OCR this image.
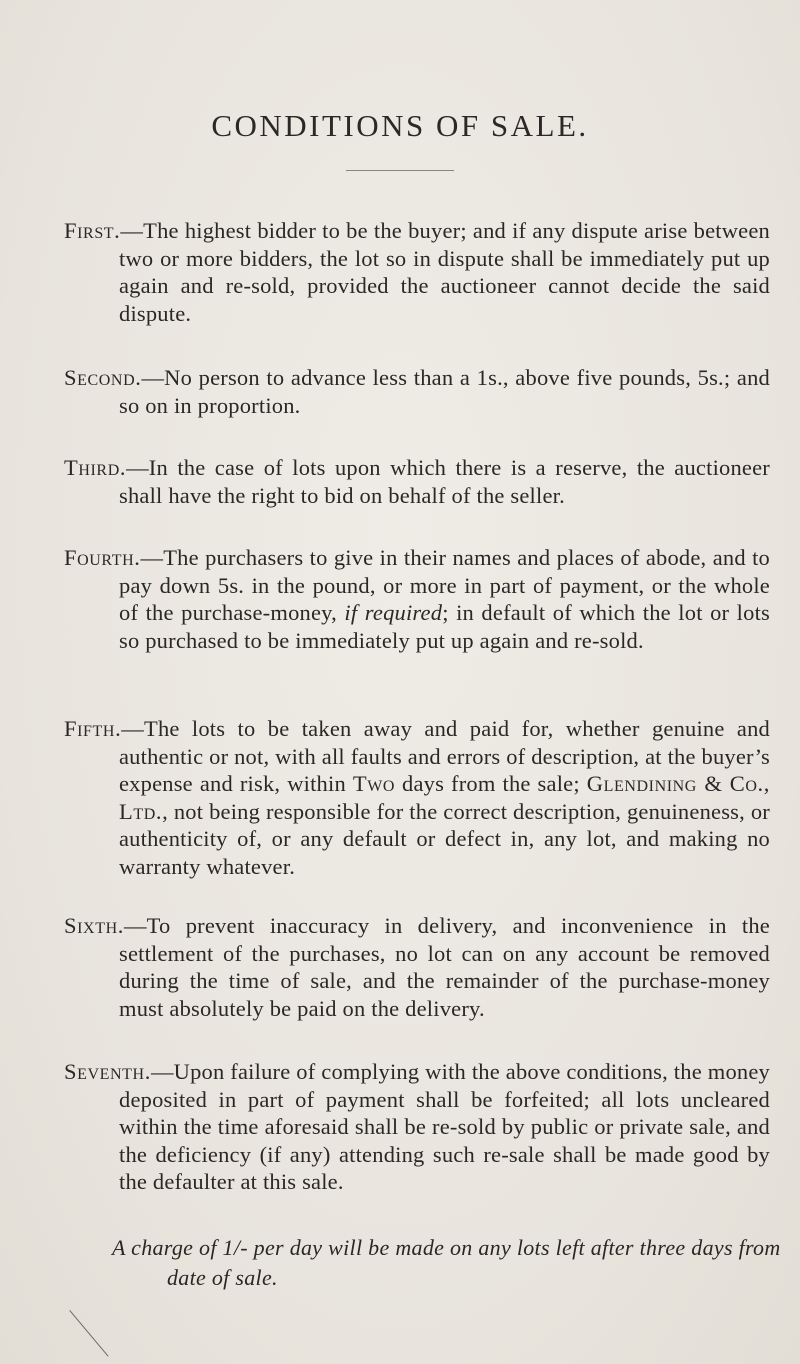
CONDITIONS OF SALE.

First.—The highest bidder to be the buyer; and if any dispute arise between two or more bidders, the lot so in dispute shall be immediately put up again and re-sold, provided the auctioneer cannot decide the said dispute.

Second.—No person to advance less than a 1s., above five pounds, 5s.; and so on in proportion.

Third.—In the case of lots upon which there is a reserve, the auctioneer shall have the right to bid on behalf of the seller.

Fourth.—The purchasers to give in their names and places of abode, and to pay down 5s. in the pound, or more in part of payment, or the whole of the purchase-money, if required; in default of which the lot or lots so purchased to be immediately put up again and re-sold.

Fifth.—The lots to be taken away and paid for, whether genuine and authentic or not, with all faults and errors of description, at the buyer’s expense and risk, within Two days from the sale; Glendining & Co., Ltd., not being responsible for the correct description, genuineness, or authenticity of, or any default or defect in, any lot, and making no warranty whatever.

Sixth.—To prevent inaccuracy in delivery, and inconvenience in the settlement of the purchases, no lot can on any account be removed during the time of sale, and the remainder of the purchase-money must absolutely be paid on the delivery.

Seventh.—Upon failure of complying with the above conditions, the money deposited in part of payment shall be forfeited; all lots uncleared within the time aforesaid shall be re-sold by public or private sale, and the deficiency (if any) attending such re-sale shall be made good by the defaulter at this sale.

A charge of 1/- per day will be made on any lots left after three days from date of sale.
